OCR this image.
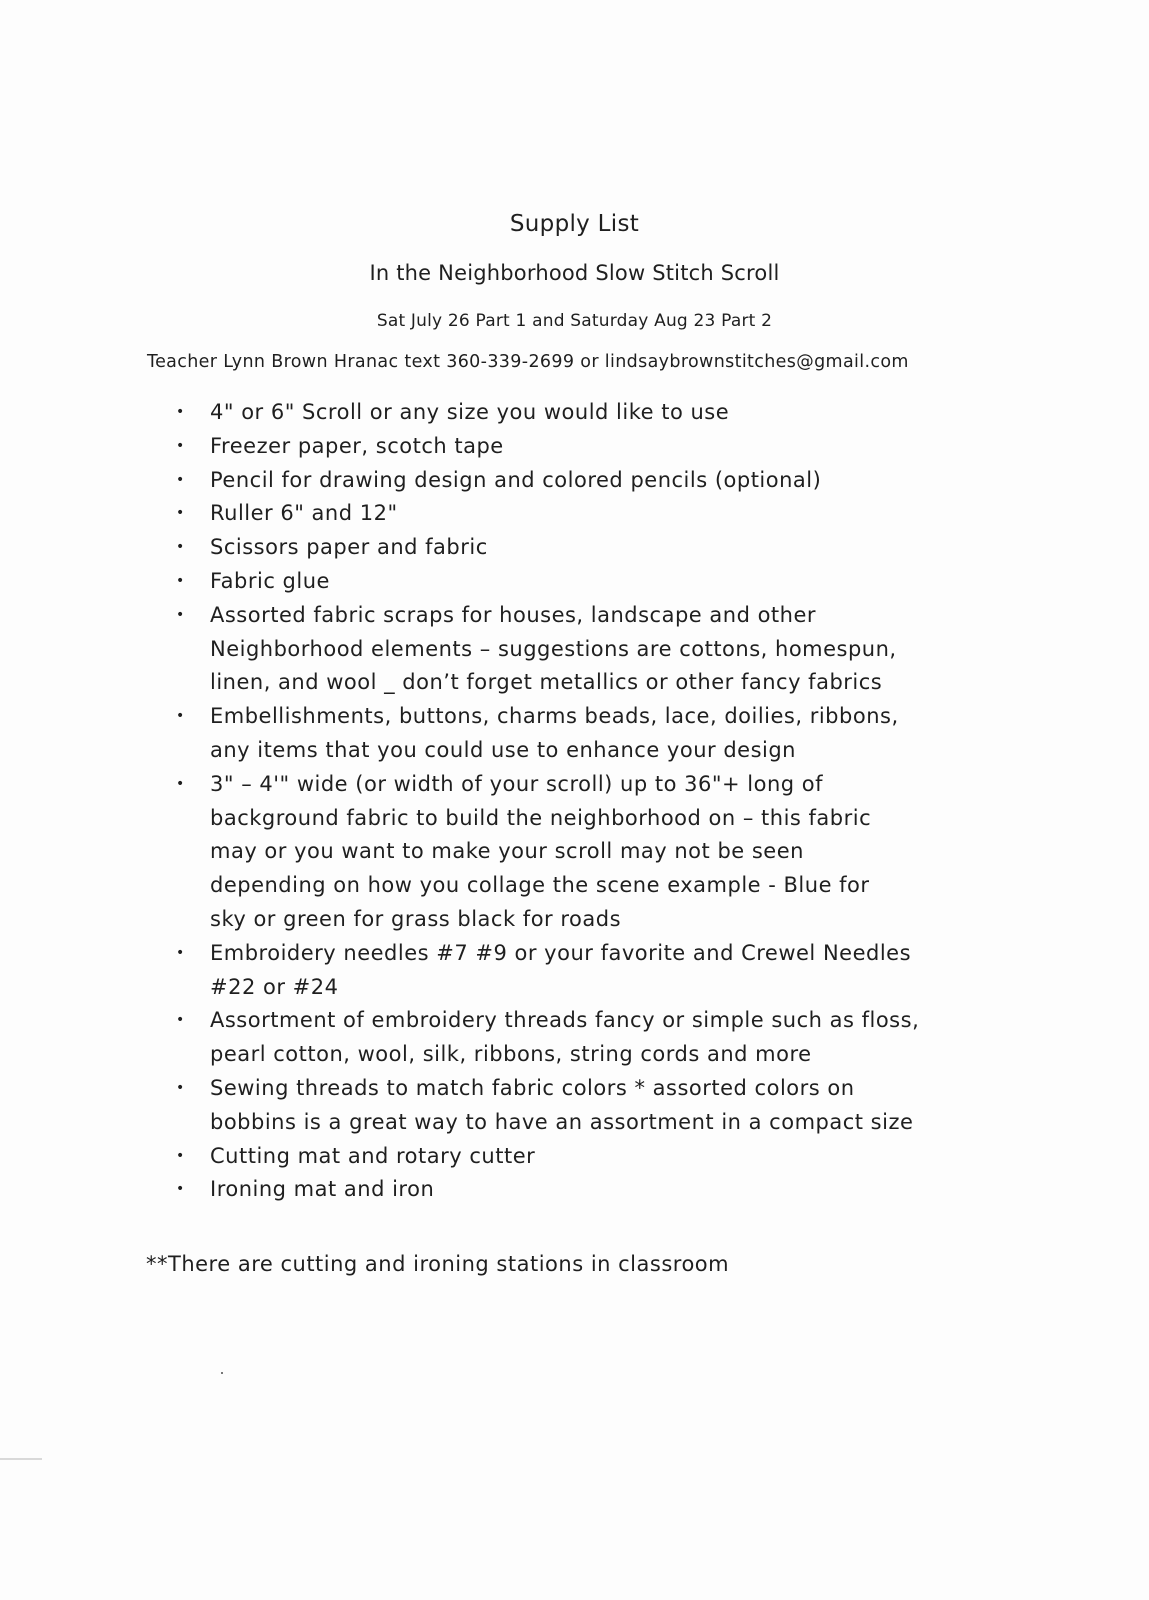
Supply List
In the Neighborhood Slow Stitch Scroll
Sat July 26 Part 1 and Saturday Aug 23 Part 2
Teacher Lynn Brown Hranac text 360-339-2699 or lindsaybrownstitches@gmail.com
• 4" or 6" Scroll or any size you would like to use
• Freezer paper, scotch tape
• Pencil for drawing design and colored pencils (optional)
• Ruller 6" and 12"
• Scissors paper and fabric
• Fabric glue
• Assorted fabric scraps for houses, landscape and other
Neighborhood elements – suggestions are cottons, homespun,
linen, and wool _ don’t forget metallics or other fancy fabrics
• Embellishments, buttons, charms beads, lace, doilies, ribbons,
any items that you could use to enhance your design
• 3" – 4'" wide (or width of your scroll) up to 36"+ long of
background fabric to build the neighborhood on – this fabric
may or you want to make your scroll may not be seen
depending on how you collage the scene example - Blue for
sky or green for grass black for roads
• Embroidery needles #7 #9 or your favorite and Crewel Needles
#22 or #24
• Assortment of embroidery threads fancy or simple such as floss,
pearl cotton, wool, silk, ribbons, string cords and more
• Sewing threads to match fabric colors * assorted colors on
bobbins is a great way to have an assortment in a compact size
• Cutting mat and rotary cutter
• Ironing mat and iron
**There are cutting and ironing stations in classroom
